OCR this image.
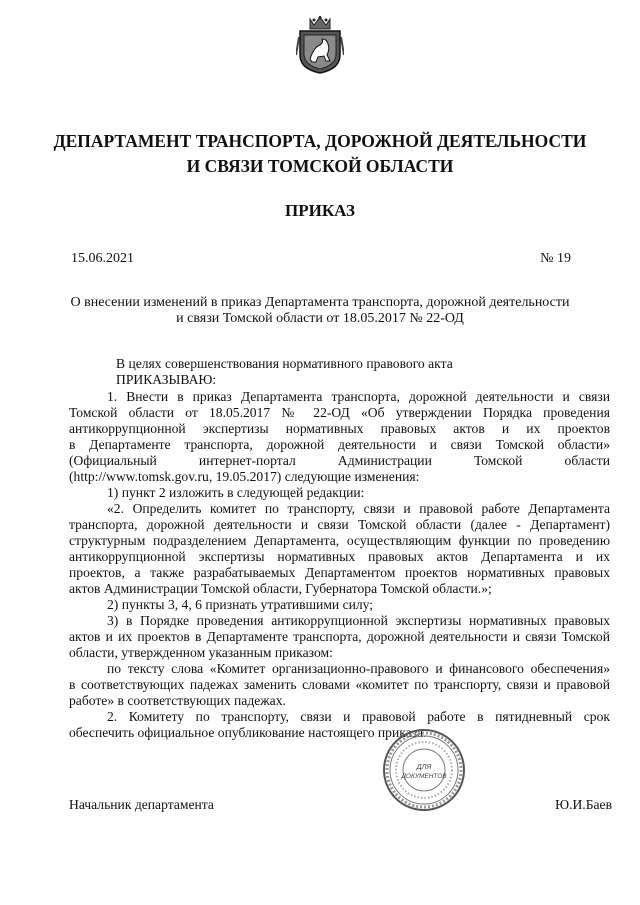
ДЕПАРТАМЕНТ ТРАНСПОРТА, ДОРОЖНОЙ ДЕЯТЕЛЬНОСТИ
И СВЯЗИ ТОМСКОЙ ОБЛАСТИ
ПРИКАЗ
15.06.2021	№ 19
О внесении изменений в приказ Департамента транспорта, дорожной деятельности
и связи Томской области от 18.05.2017 № 22-ОД
В целях совершенствования нормативного правового акта
ПРИКАЗЫВАЮ:
1. Внести в приказ Департамента транспорта, дорожной деятельности и связи
Томской области от 18.05.2017 № 22-ОД «Об утверждении Порядка проведения
антикоррупционной экспертизы нормативных правовых актов и их проектов
в Департаменте транспорта, дорожной деятельности и связи Томской области»
(Официальный интернет-портал Администрации Томской области
(http://www.tomsk.gov.ru, 19.05.2017) следующие изменения:
1) пункт 2 изложить в следующей редакции:
«2. Определить комитет по транспорту, связи и правовой работе Департамента
транспорта, дорожной деятельности и связи Томской области (далее - Департамент)
структурным подразделением Департамента, осуществляющим функции по проведению
антикоррупционной экспертизы нормативных правовых актов Департамента и их
проектов, а также разрабатываемых Департаментом проектов нормативных правовых
актов Администрации Томской области, Губернатора Томской области.»;
2) пункты 3, 4, 6 признать утратившими силу;
3) в Порядке проведения антикоррупционной экспертизы нормативных правовых
актов и их проектов в Департаменте транспорта, дорожной деятельности и связи Томской
области, утвержденном указанным приказом:
по тексту слова «Комитет организационно-правового и финансового обеспечения»
в соответствующих падежах заменить словами «комитет по транспорту, связи и правовой
работе» в соответствующих падежах.
2. Комитету по транспорту, связи и правовой работе в пятидневный срок
обеспечить официальное опубликование настоящего приказа.
ДЛЯ
ДОКУМЕНТОВ
Начальник департамента	Ю.И.Баев
